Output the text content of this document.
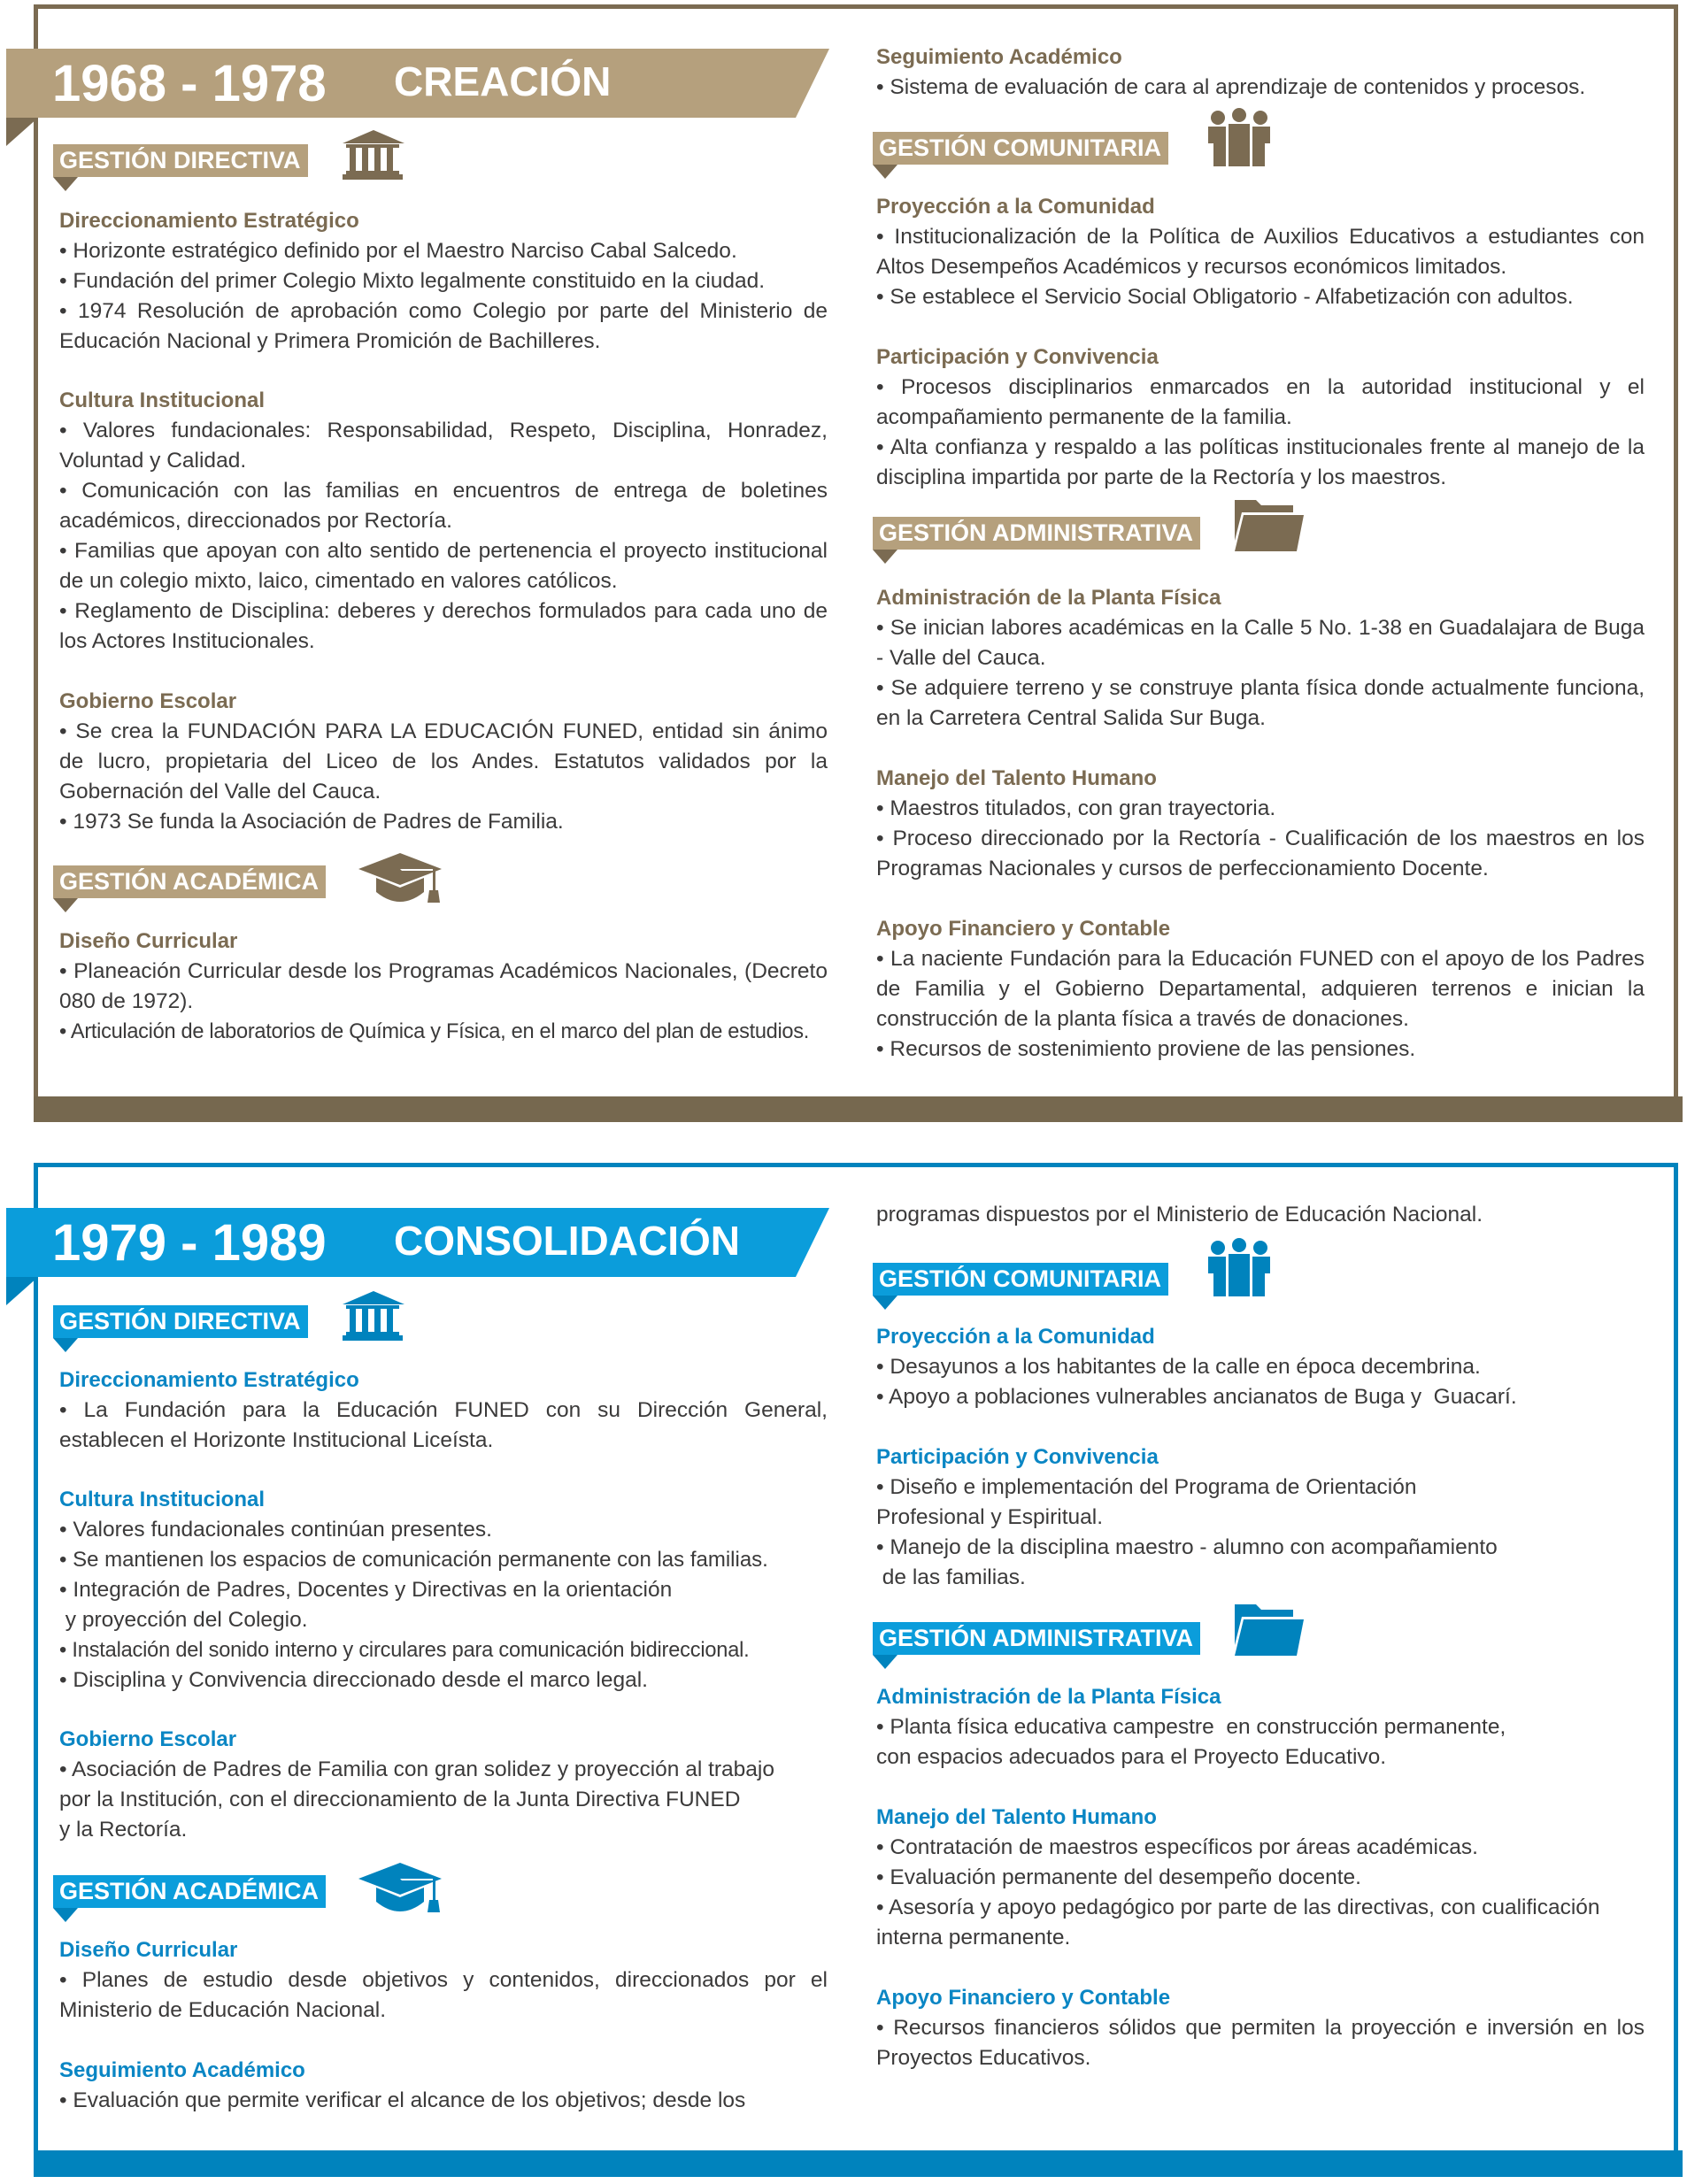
1968 - 1978 CREACIÓN
GESTIÓN DIRECTIVA
Direccionamiento Estratégico

• Horizonte estratégico definido por el Maestro Narciso Cabal Salcedo.

• Fundación del primer Colegio Mixto legalmente constituido en la ciudad.

• 1974 Resolución de aprobación como Colegio por parte del Ministerio de Educación Nacional y Primera Promición de Bachilleres.

Cultura Institucional

• Valores fundacionales: Responsabilidad, Respeto, Disciplina, Honradez, Voluntad y Calidad.

• Comunicación con las familias en encuentros de entrega de boletines académicos, direccionados por Rectoría.

• Familias que apoyan con alto sentido de pertenencia el proyecto institucional de un colegio mixto, laico, cimentado en valores católicos.

• Reglamento de Disciplina: deberes y derechos formulados para cada uno de los Actores Institucionales.

Gobierno Escolar

• Se crea la FUNDACIÓN PARA LA EDUCACIÓN FUNED, entidad sin ánimo de lucro, propietaria del Liceo de los Andes. Estatutos validados por la Gobernación del Valle del Cauca.

• 1973 Se funda la Asociación de Padres de Familia.

GESTIÓN ACADÉMICA
Diseño Curricular

• Planeación Curricular desde los Programas Académicos Nacionales, (Decreto 080 de 1972).

• Articulación de laboratorios de Química y Física, en el marco del plan de estudios.

Seguimiento Académico

• Sistema de evaluación de cara al aprendizaje de contenidos y procesos.

GESTIÓN COMUNITARIA
Proyección a la Comunidad

• Institucionalización de la Política de Auxilios Educativos a estudiantes con Altos Desempeños Académicos y recursos económicos limitados.

• Se establece el Servicio Social Obligatorio - Alfabetización con adultos.

Participación y Convivencia

• Procesos disciplinarios enmarcados en la autoridad institucional y el acompañamiento permanente de la familia.

• Alta confianza y respaldo a las políticas institucionales frente al manejo de la disciplina impartida por parte de la Rectoría y los maestros.

GESTIÓN ADMINISTRATIVA
Administración de la Planta Física

• Se inician labores académicas en la Calle 5 No. 1-38 en Guadalajara de Buga - Valle del Cauca.

• Se adquiere terreno y se construye planta física donde actualmente funciona, en la Carretera Central Salida Sur Buga.

Manejo del Talento Humano

• Maestros titulados, con gran trayectoria.

• Proceso direccionado por la Rectoría - Cualificación de los maestros en los Programas Nacionales y cursos de perfeccionamiento Docente.

Apoyo Financiero y Contable

• La naciente Fundación para la Educación FUNED con el apoyo de los Padres de Familia y el Gobierno Departamental, adquieren terrenos e inician la construcción de la planta física a través de donaciones.

• Recursos de sostenimiento proviene de las pensiones.

1979 - 1989 CONSOLIDACIÓN
GESTIÓN DIRECTIVA
Direccionamiento Estratégico

• La Fundación para la Educación FUNED con su Dirección General, establecen el Horizonte Institucional Liceísta.

Cultura Institucional

• Valores fundacionales continúan presentes.

• Se mantienen los espacios de comunicación permanente con las familias.

• Integración de Padres, Docentes y Directivas en la orientación

y proyección del Colegio.

• Instalación del sonido interno y circulares para comunicación bidireccional.

• Disciplina y Convivencia direccionado desde el marco legal.

Gobierno Escolar

• Asociación de Padres de Familia con gran solidez y proyección al trabajo

por la Institución, con el direccionamiento de la Junta Directiva FUNED

y la Rectoría.

GESTIÓN ACADÉMICA
Diseño Curricular

• Planes de estudio desde objetivos y contenidos, direccionados por el Ministerio de Educación Nacional.

Seguimiento Académico

• Evaluación que permite verificar el alcance de los objetivos; desde los

programas dispuestos por el Ministerio de Educación Nacional.

GESTIÓN COMUNITARIA
Proyección a la Comunidad

• Desayunos a los habitantes de la calle en época decembrina.

• Apoyo a poblaciones vulnerables ancianatos de Buga y  Guacarí.

Participación y Convivencia

• Diseño e implementación del Programa de Orientación

Profesional y Espiritual.

• Manejo de la disciplina maestro - alumno con acompañamiento

de las familias.

GESTIÓN ADMINISTRATIVA
Administración de la Planta Física

• Planta física educativa campestre  en construcción permanente,

con espacios adecuados para el Proyecto Educativo.

Manejo del Talento Humano

• Contratación de maestros específicos por áreas académicas.

• Evaluación permanente del desempeño docente.

• Asesoría y apoyo pedagógico por parte de las directivas, con cualificación interna permanente.

Apoyo Financiero y Contable

• Recursos financieros sólidos que permiten la proyección e inversión en los Proyectos Educativos.
